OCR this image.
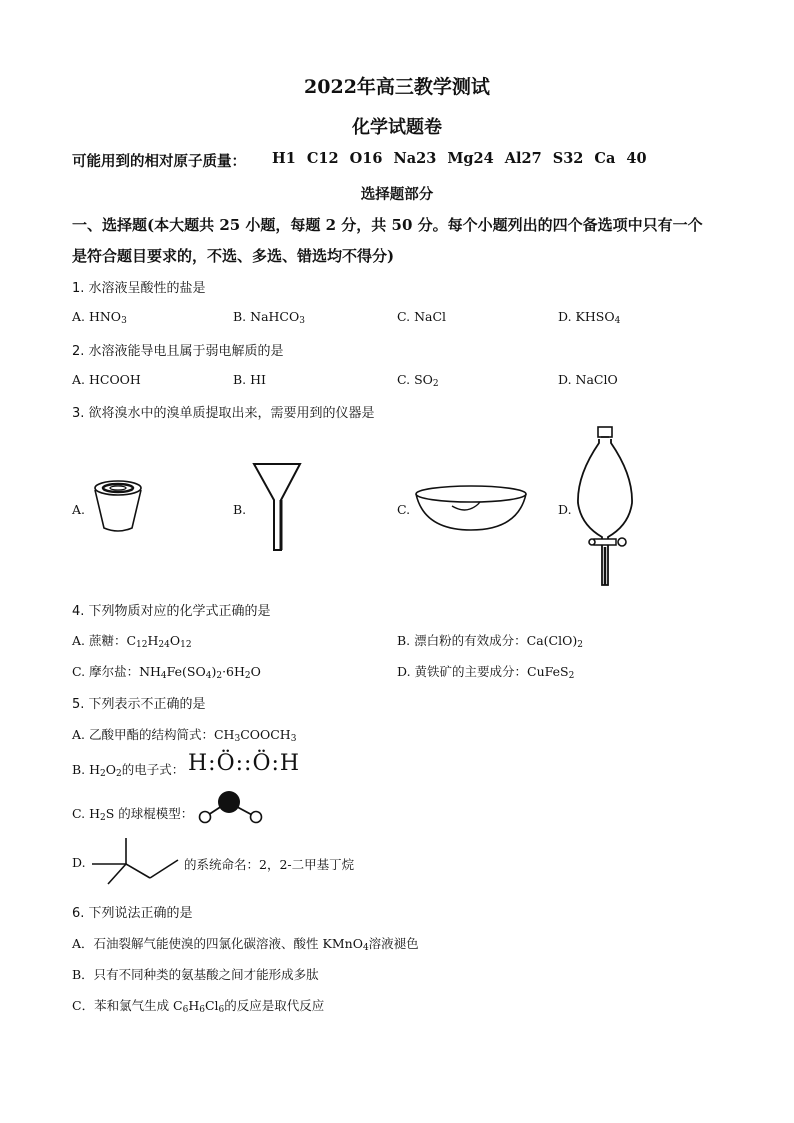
2022年高三教学测试
化学试题卷
可能用到的相对原子质量： H1 C12 O16 Na23 Mg24 Al27 S32 Ca 40
选择题部分
一、选择题(本大题共 25 小题，每题 2 分，共 50 分。每个小题列出的四个备选项中只有一个
是符合题目要求的，不选、多选、错选均不得分)
1. 水溶液呈酸性的盐是
A. $HNO_3$	B. NaHCO$_3$	C. NaCl	D. $KHSO_4$
2. 水溶液能导电且属于弱电解质的是
A. HCOOH	B. HI	C. $SO_2$	D. NaClO
3. 欲将溴水中的溴单质提取出来，需要用到的仪器是
A.	B.	C.	D.
4. 下列物质对应的化学式正确的是
A. 蔗糖：$C_{12}H_{24}O_{12}$	B. 漂白粉的有效成分：$Ca(ClO)_2$
C. 摩尔盐：$NH_4Fe(SO_4)_2\cdot 6H_2O$	D. 黄铁矿的主要成分：CuFeS$_2$
5. 下列表示不正确的是
A. 乙酸甲酯的结构简式：$CH_3COOCH_3$
B. $H_2O_2$的电子式： H:Ö::Ö:H
C. $H_2S$ 的球棍模型：
D.	的系统命名：2，2-二甲基丁烷
6. 下列说法正确的是
A．石油裂解气能使溴的四氯化碳溶液、酸性 KMnO$_4$溶液褪色
B．只有不同种类的氨基酸之间才能形成多肽
C．苯和氯气生成 $C_6H_6Cl_6$的反应是取代反应
